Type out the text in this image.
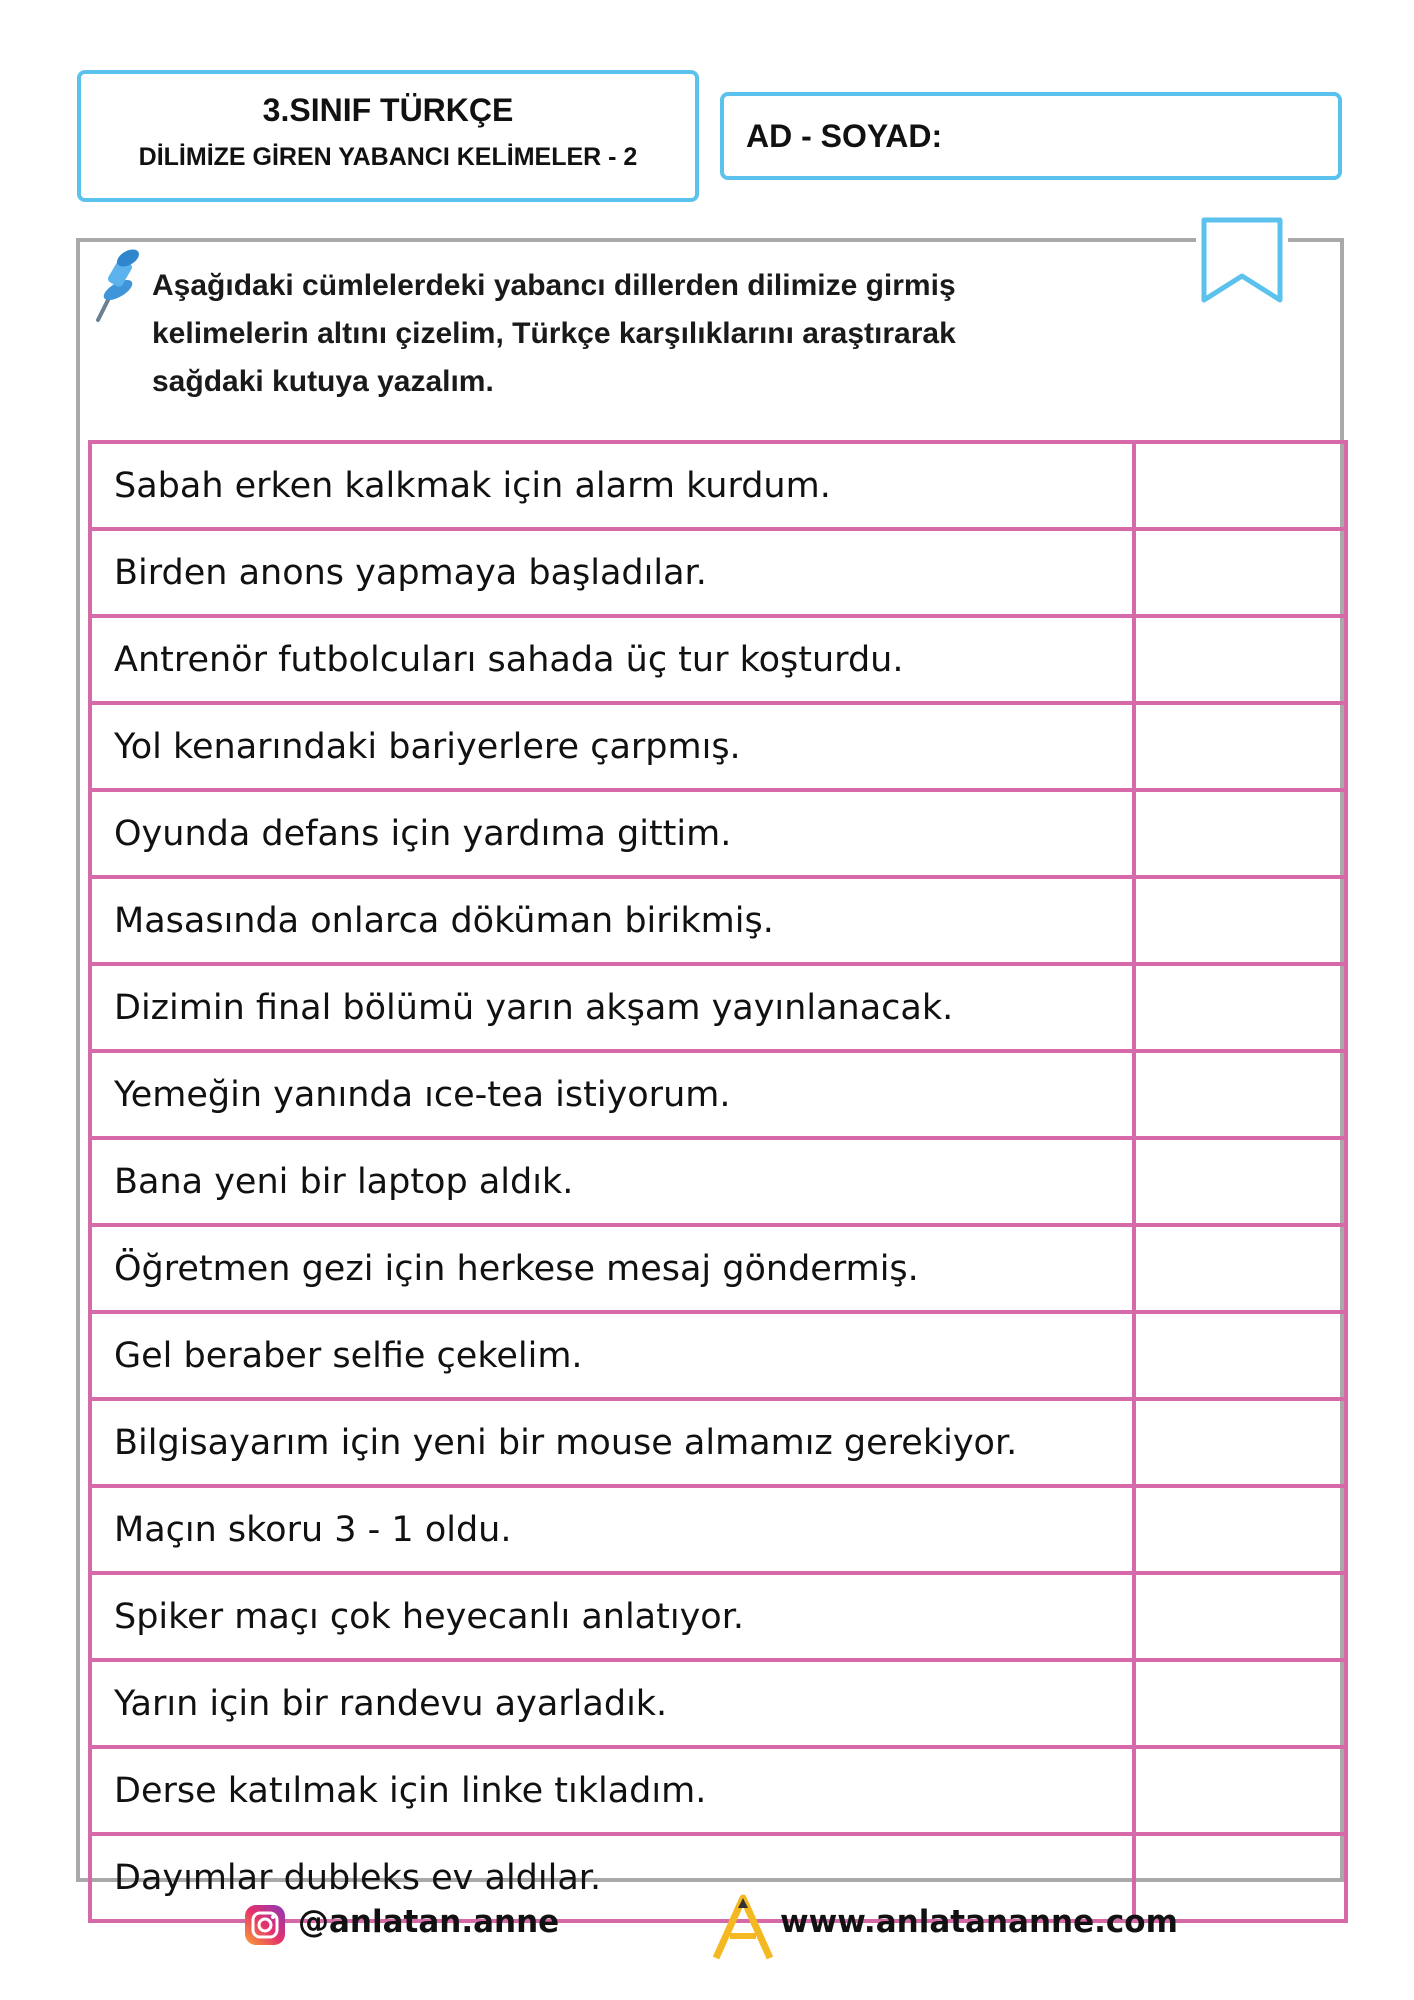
3.SINIF TÜRKÇE
DİLİMİZE GİREN YABANCI KELİMELER - 2
AD - SOYAD:
Aşağıdaki cümlelerdeki yabancı dillerden dilimize girmiş
kelimelerin altını çizelim, Türkçe karşılıklarını araştırarak
sağdaki kutuya yazalım.
Sabah erken kalkmak için alarm kurdum.	
Birden anons yapmaya başladılar.	
Antrenör futbolcuları sahada üç tur koşturdu.	
Yol kenarındaki bariyerlere çarpmış.	
Oyunda defans için yardıma gittim.	
Masasında onlarca döküman birikmiş.	
Dizimin final bölümü yarın akşam yayınlanacak.	
Yemeğin yanında ıce-tea istiyorum.	
Bana yeni bir laptop aldık.	
Öğretmen gezi için herkese mesaj göndermiş.	
Gel beraber selfie çekelim.	
Bilgisayarım için yeni bir mouse almamız gerekiyor.	
Maçın skoru 3 - 1 oldu.	
Spiker maçı çok heyecanlı anlatıyor.	
Yarın için bir randevu ayarladık.	
Derse katılmak için linke tıkladım.	
Dayımlar dubleks ev aldılar.	
@anlatan.anne	www.anlatananne.com
